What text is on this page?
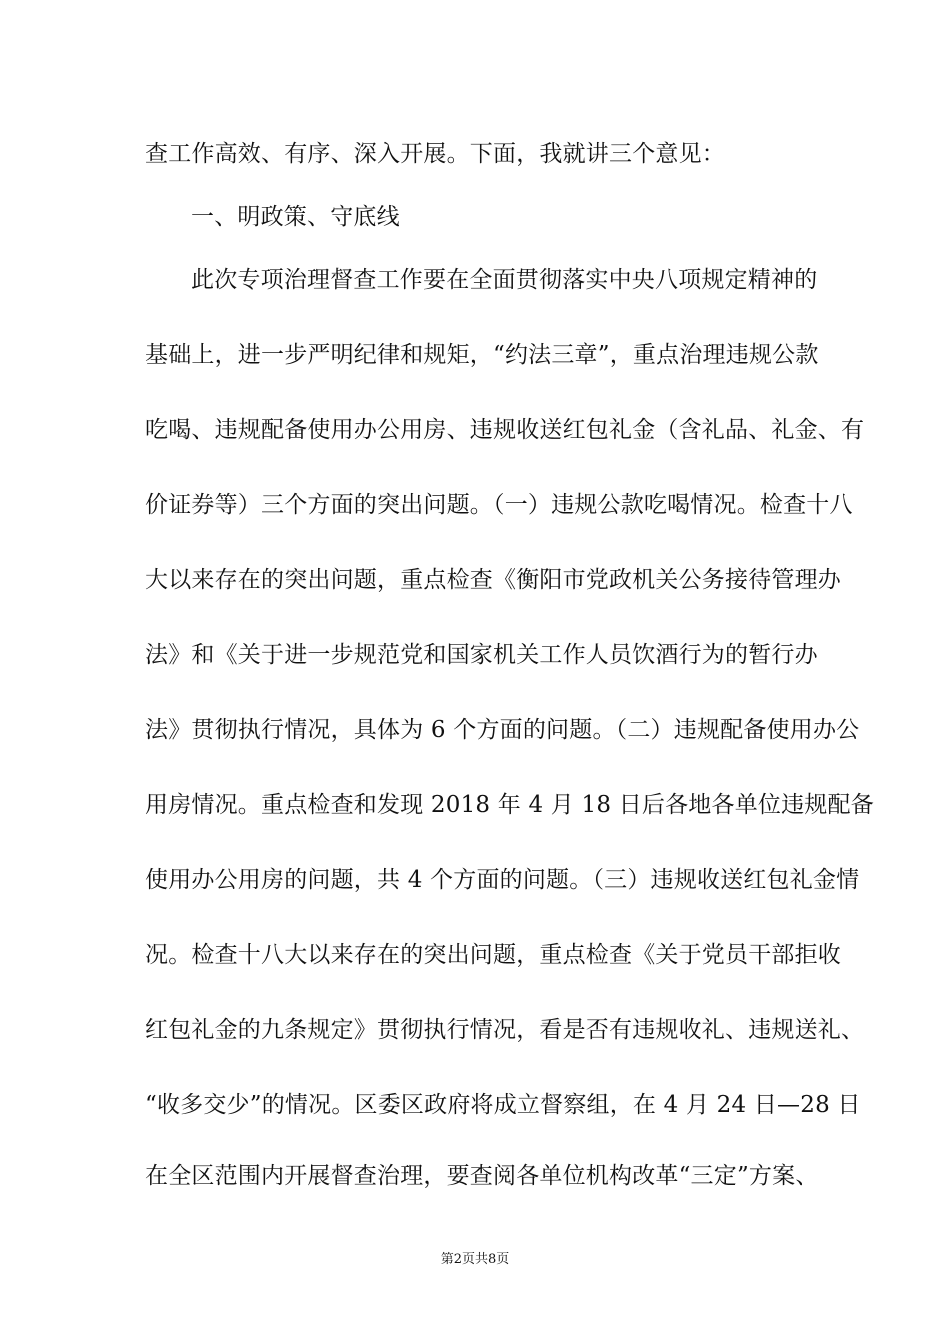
查工作高效、有序、深入开展。下面，我就讲三个意见：
一、明政策、守底线
此次专项治理督查工作要在全面贯彻落实中央八项规定精神的
基础上，进一步严明纪律和规矩，“约法三章”，重点治理违规公款
吃喝、违规配备使用办公用房、违规收送红包礼金（含礼品、礼金、有
价证券等）三个方面的突出问题。（一）违规公款吃喝情况。检查十八
大以来存在的突出问题，重点检查《衡阳市党政机关公务接待管理办
法》和《关于进一步规范党和国家机关工作人员饮酒行为的暂行办
法》贯彻执行情况，具体为 6 个方面的问题。（二）违规配备使用办公
用房情况。重点检查和发现 2018 年 4 月 18 日后各地各单位违规配备
使用办公用房的问题，共 4 个方面的问题。（三）违规收送红包礼金情
况。检查十八大以来存在的突出问题，重点检查《关于党员干部拒收
红包礼金的九条规定》贯彻执行情况，看是否有违规收礼、违规送礼、
“收多交少”的情况。区委区政府将成立督察组，在 4 月 24 日—28 日
在全区范围内开展督查治理，要查阅各单位机构改革“三定”方案、
第2页共8页
